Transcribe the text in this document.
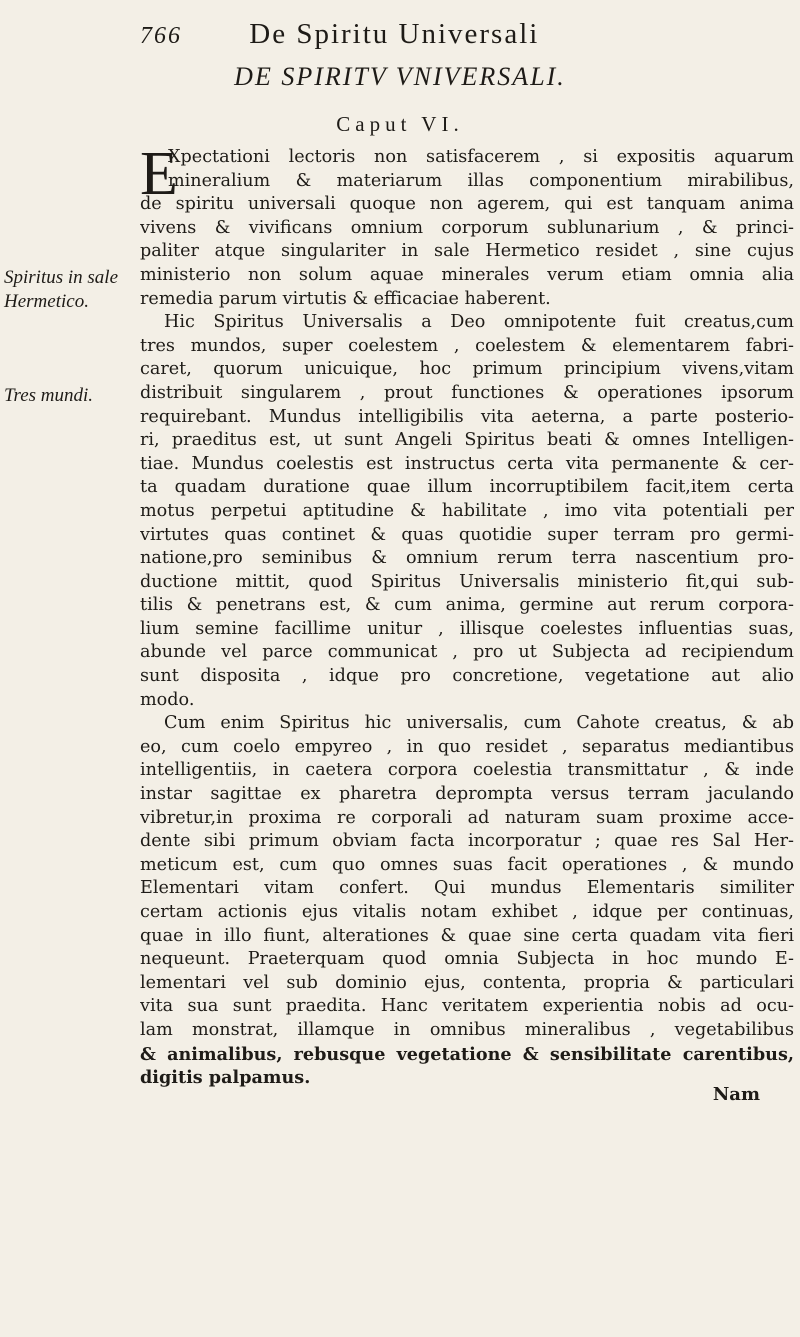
766 De Spiritu Universali
DE SPIRITV VNIVERSALI.
Caput VI.
Spiritus in sale Hermetico.
Tres mundi.
E
Xpectationi lectoris non satisfacerem , si expositis aquarum
mineralium & materiarum illas componentium mirabilibus,
de spiritu universali quoque non agerem, qui est tanquam anima
vivens & vivificans omnium corporum sublunarium , & princi-
paliter atque singulariter in sale Hermetico residet , sine cujus
ministerio non solum aquae minerales verum etiam omnia alia
remedia parum virtutis & efficaciae haberent.
Hic Spiritus Universalis a Deo omnipotente fuit creatus,cum
tres mundos, super coelestem , coelestem & elementarem fabri-
caret, quorum unicuique, hoc primum principium vivens,vitam
distribuit singularem , prout functiones & operationes ipsorum
requirebant. Mundus intelligibilis vita aeterna, a parte posterio-
ri, praeditus est, ut sunt Angeli Spiritus beati & omnes Intelligen-
tiae. Mundus coelestis est instructus certa vita permanente & cer-
ta quadam duratione quae illum incorruptibilem facit,item certa
motus perpetui aptitudine & habilitate , imo vita potentiali per
virtutes quas continet & quas quotidie super terram pro germi-
natione,pro seminibus & omnium rerum terra nascentium pro-
ductione mittit, quod Spiritus Universalis ministerio fit,qui sub-
tilis & penetrans est, & cum anima, germine aut rerum corpora-
lium semine facillime unitur , illisque coelestes influentias suas,
abunde vel parce communicat , pro ut Subjecta ad recipiendum
sunt disposita , idque pro concretione, vegetatione aut alio
modo.
Cum enim Spiritus hic universalis, cum Cahote creatus, & ab
eo, cum coelo empyreo , in quo residet , separatus mediantibus
intelligentiis, in caetera corpora coelestia transmittatur , & inde
instar sagittae ex pharetra deprompta versus terram jaculando
vibretur,in proxima re corporali ad naturam suam proxime acce-
dente sibi primum obviam facta incorporatur ; quae res Sal Her-
meticum est, cum quo omnes suas facit operationes , & mundo
Elementari vitam confert. Qui mundus Elementaris similiter
certam actionis ejus vitalis notam exhibet , idque per continuas,
quae in illo fiunt, alterationes & quae sine certa quadam vita fieri
nequeunt. Praeterquam quod omnia Subjecta in hoc mundo E-
lementari vel sub dominio ejus, contenta, propria & particulari
vita sua sunt praedita. Hanc veritatem experientia nobis ad ocu-
lam monstrat, illamque in omnibus mineralibus , vegetabilibus
& animalibus, rebusque vegetatione & sensibilitate carentibus,
digitis palpamus.
Nam
